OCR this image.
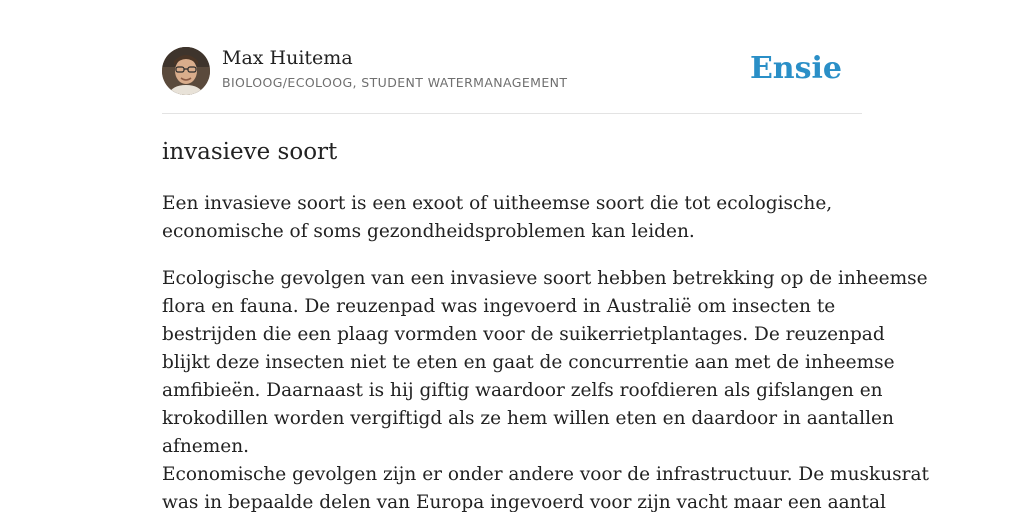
Max Huitema
BIOLOOG/ECOLOOG, STUDENT WATERMANAGEMENT	Ensie
invasieve soort

Een invasieve soort is een exoot of uitheemse soort die tot ecologische,
economische of soms gezondheidsproblemen kan leiden.

Ecologische gevolgen van een invasieve soort hebben betrekking op de inheemse
flora en fauna. De reuzenpad was ingevoerd in Australië om insecten te
bestrijden die een plaag vormden voor de suikerrietplantages. De reuzenpad
blijkt deze insecten niet te eten en gaat de concurrentie aan met de inheemse
amfibieën. Daarnaast is hij giftig waardoor zelfs roofdieren als gifslangen en
krokodillen worden vergiftigd als ze hem willen eten en daardoor in aantallen
afnemen.
Economische gevolgen zijn er onder andere voor de infrastructuur. De muskusrat
was in bepaalde delen van Europa ingevoerd voor zijn vacht maar een aantal
